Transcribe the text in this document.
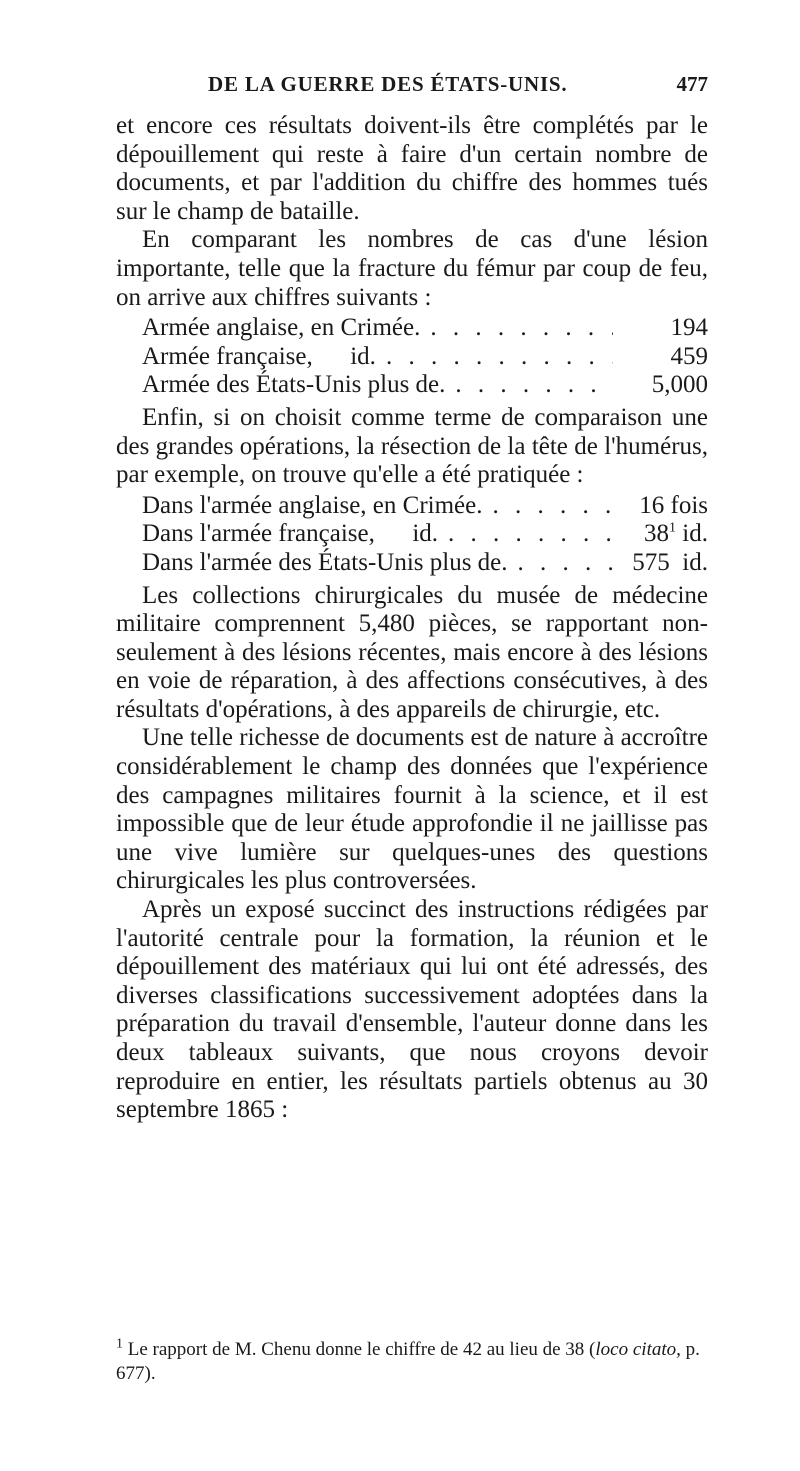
DE LA GUERRE DES ÉTATS-UNIS.	477

et encore ces résultats doivent-ils être complétés par le dépouillement qui reste à faire d'un certain nombre de documents, et par l'addition du chiffre des hommes tués sur le champ de bataille.

En comparant les nombres de cas d'une lésion importante, telle que la fracture du fémur par coup de feu, on arrive aux chiffres suivants :

Armée anglaise, en Crimée. . . .	194
Armée française,      id. . . .	459
Armée des États-Unis plus de. . . .	5,000

Enfin, si on choisit comme terme de comparaison une des grandes opérations, la résection de la tête de l'humérus, par exemple, on trouve qu'elle a été pratiquée :

Dans l'armée anglaise, en Crimée. . . .	16 fois
Dans l'armée française,      id. . . .	38$^1$ id.
Dans l'armée des États-Unis plus de. . . .	575  id.

Les collections chirurgicales du musée de médecine militaire comprennent 5,480 pièces, se rapportant non-seulement à des lésions récentes, mais encore à des lésions en voie de réparation, à des affections consécutives, à des résultats d'opérations, à des appareils de chirurgie, etc.

Une telle richesse de documents est de nature à accroître considérablement le champ des données que l'expérience des campagnes militaires fournit à la science, et il est impossible que de leur étude approfondie il ne jaillisse pas une vive lumière sur quelques-unes des questions chirurgicales les plus controversées.

Après un exposé succinct des instructions rédigées par l'autorité centrale pour la formation, la réunion et le dépouillement des matériaux qui lui ont été adressés, des diverses classifications successivement adoptées dans la préparation du travail d'ensemble, l'auteur donne dans les deux tableaux suivants, que nous croyons devoir reproduire en entier, les résultats partiels obtenus au 30 septembre 1865 :

$^1$ Le rapport de M. Chenu donne le chiffre de 42 au lieu de 38 (loco citato, p. 677).
